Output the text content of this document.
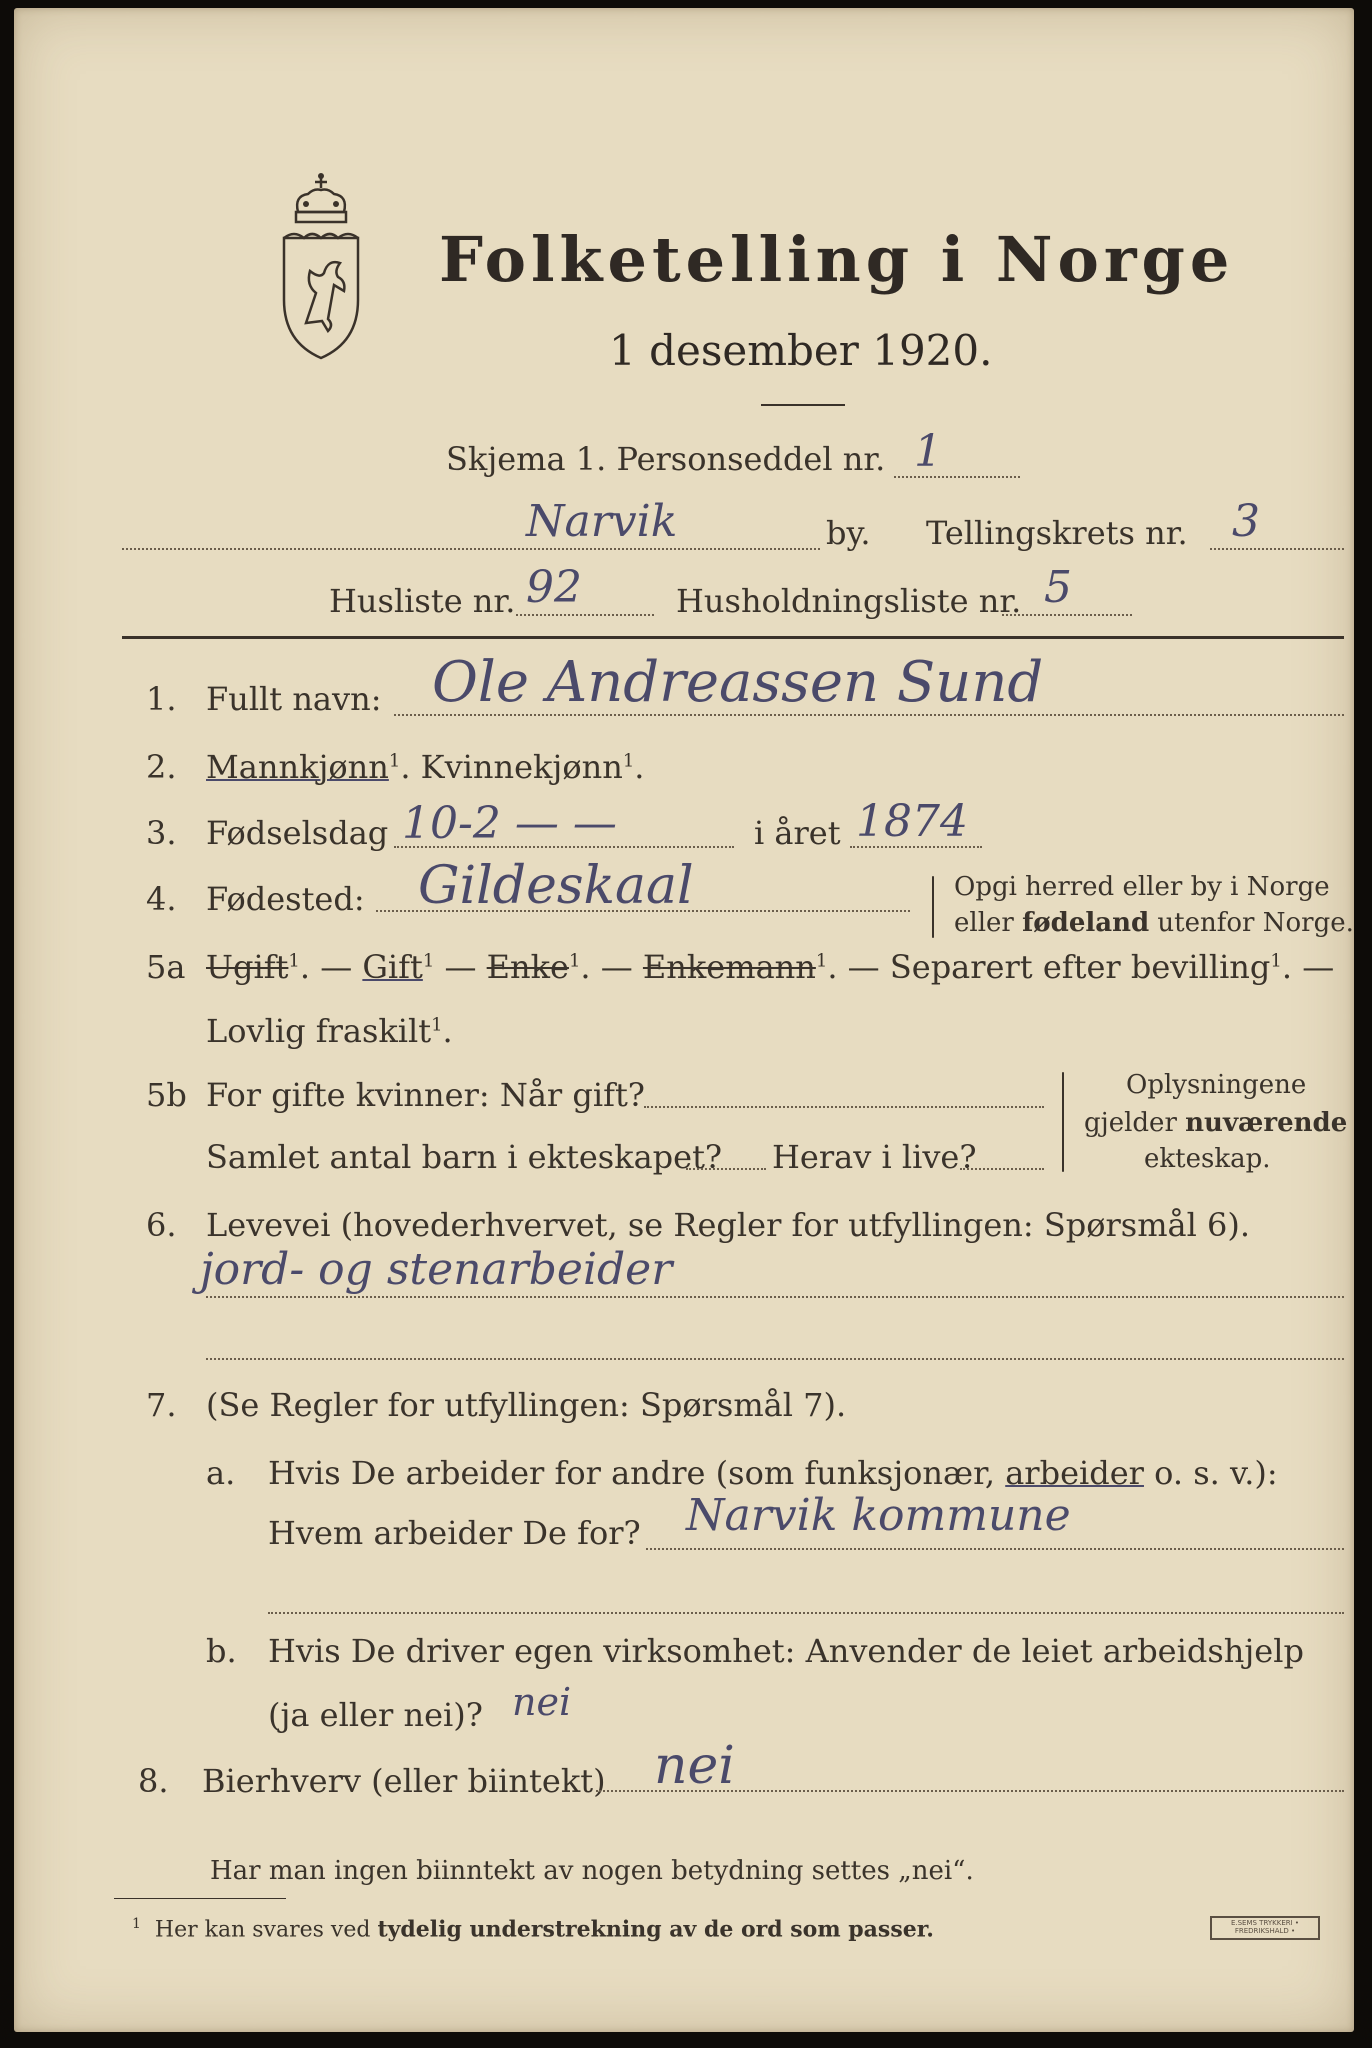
Folketelling i Norge
1 desember 1920.
Skjema 1. Personseddel nr. 1
Narvik	by. Tellingskrets nr. 3
Husliste nr. 92	Husholdningsliste nr. 5
1. Fullt navn: Ole Andreassen Sund
2. Mannkjønn$^1$. Kvinnekjønn$^1$.
3. Fødselsdag 10-2 — —	i året 1874
4. Fødested: Gildeskaal	Opgi herred eller by i Norge
eller fødeland utenfor Norge.
5a Ugift$^1$. — Gift$^1$ — Enke$^1$. — Enkemann$^1$. — Separert efter bevilling$^1$. —
Lovlig fraskilt$^1$.
5b For gifte kvinner: Når gift?
Samlet antal barn i ekteskapet? Herav i live?
Oplysningene
gjelder nuværende
ekteskap.
6. Levevei (hovederhvervet, se Regler for utfyllingen: Spørsmål 6).
jord- og stenarbeider
7. (Se Regler for utfyllingen: Spørsmål 7).
a. Hvis De arbeider for andre (som funksjonær, arbeider o. s. v.):
Hvem arbeider De for? Narvik kommune
b. Hvis De driver egen virksomhet: Anvender de leiet arbeidshjelp
(ja eller nei)? nei
8. Bierhverv (eller biintekt) nei
Har man ingen biinntekt av nogen betydning settes „nei“.
$^1$ Her kan svares ved tydelig understrekning av de ord som passer.	E.SEMS TRYKKERI • FREDRIKSHALD •
